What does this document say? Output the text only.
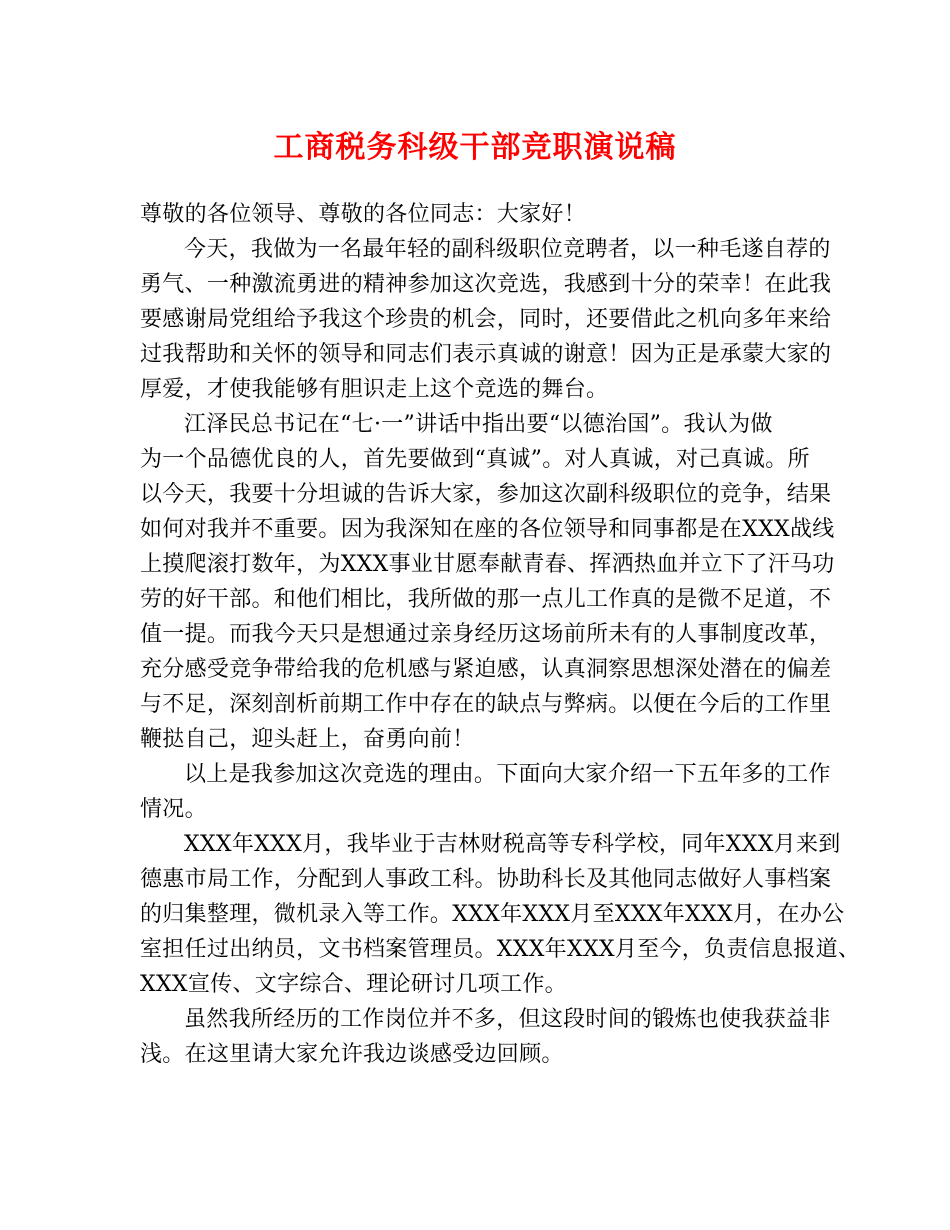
工商税务科级干部竞职演说稿
尊敬的各位领导、尊敬的各位同志：大家好！
今天，我做为一名最年轻的副科级职位竞聘者，以一种毛遂自荐的
勇气、一种激流勇进的精神参加这次竞选，我感到十分的荣幸！在此我
要感谢局党组给予我这个珍贵的机会，同时，还要借此之机向多年来给
过我帮助和关怀的领导和同志们表示真诚的谢意！因为正是承蒙大家的
厚爱，才使我能够有胆识走上这个竞选的舞台。
江泽民总书记在“七·一”讲话中指出要“以德治国”。我认为做
为一个品德优良的人，首先要做到“真诚”。对人真诚，对己真诚。所
以今天，我要十分坦诚的告诉大家，参加这次副科级职位的竞争，结果
如何对我并不重要。因为我深知在座的各位领导和同事都是在XXX战线
上摸爬滚打数年，为XXX事业甘愿奉献青春、挥洒热血并立下了汗马功
劳的好干部。和他们相比，我所做的那一点儿工作真的是微不足道，不
值一提。而我今天只是想通过亲身经历这场前所未有的人事制度改革，
充分感受竞争带给我的危机感与紧迫感，认真洞察思想深处潜在的偏差
与不足，深刻剖析前期工作中存在的缺点与弊病。以便在今后的工作里
鞭挞自己，迎头赶上，奋勇向前！
以上是我参加这次竞选的理由。下面向大家介绍一下五年多的工作
情况。
XXX年XXX月，我毕业于吉林财税高等专科学校，同年XXX月来到
德惠市局工作，分配到人事政工科。协助科长及其他同志做好人事档案
的归集整理，微机录入等工作。XXX年XXX月至XXX年XXX月，在办公
室担任过出纳员，文书档案管理员。XXX年XXX月至今，负责信息报道、
XXX宣传、文字综合、理论研讨几项工作。
虽然我所经历的工作岗位并不多，但这段时间的锻炼也使我获益非
浅。在这里请大家允许我边谈感受边回顾。
